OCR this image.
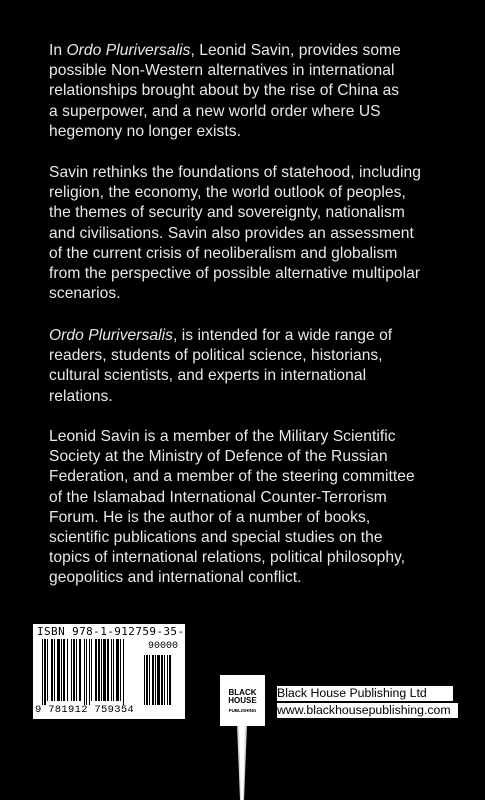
In Ordo Pluriversalis, Leonid Savin, provides some
possible Non-Western alternatives in international
relationships brought about by the rise of China as
a superpower, and a new world order where US
hegemony no longer exists.

Savin rethinks the foundations of statehood, including
religion, the economy, the world outlook of peoples,
the themes of security and sovereignty, nationalism
and civilisations. Savin also provides an assessment
of the current crisis of neoliberalism and globalism
from the perspective of possible alternative multipolar
scenarios.

Ordo Pluriversalis, is intended for a wide range of
readers, students of political science, historians,
cultural scientists, and experts in international
relations.

Leonid Savin is a member of the Military Scientific
Society at the Ministry of Defence of the Russian
Federation, and a member of the steering committee
of the Islamabad International Counter-Terrorism
Forum. He is the author of a number of books,
scientific publications and special studies on the
topics of international relations, political philosophy,
geopolitics and international conflict.

ISBN 978-1-912759-35-4
90000
9 781912 759354
BLACK
HOUSE
PUBLISHING
Black House Publishing Ltd
www.blackhousepublishing.com
